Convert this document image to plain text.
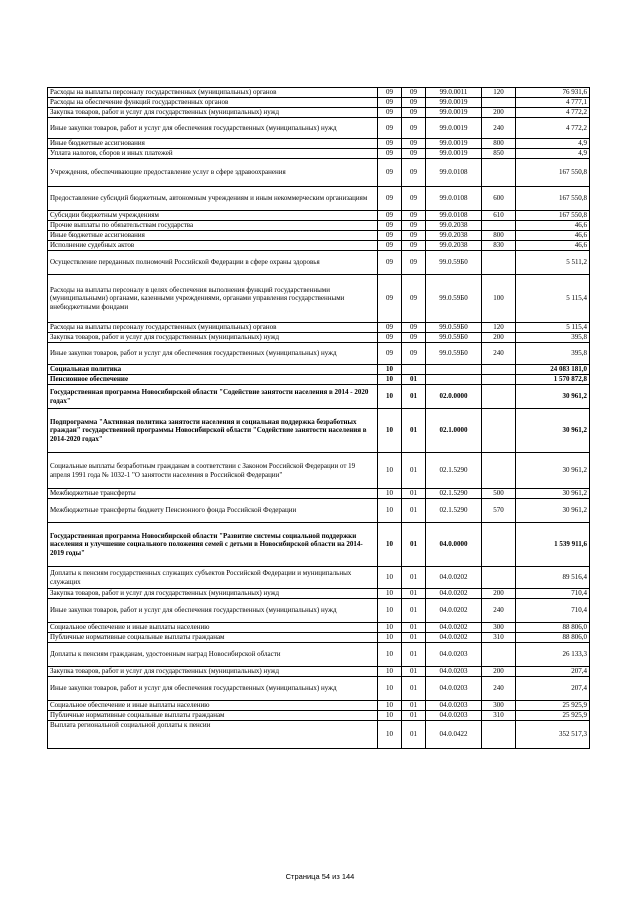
Расходы на выплаты персоналу государственных (муниципальных) органов	09	09	99.0.0011	120	76 931,6
Расходы на обеспечение функций государственных органов	09	09	99.0.0019		4 777,1
Закупка товаров, работ и услуг для государственных (муниципальных) нужд	09	09	99.0.0019	200	4 772,2
Иные закупки товаров, работ и услуг для обеспечения государственных (муниципальных) нужд	09	09	99.0.0019	240	4 772,2
Иные бюджетные ассигнования	09	09	99.0.0019	800	4,9
Уплата налогов, сборов и иных платежей	09	09	99.0.0019	850	4,9
Учреждения, обеспечивающие предоставление услуг в сфере здравоохранения	09	09	99.0.0108		167 550,8
Предоставление субсидий бюджетным, автономным учреждениям и иным некоммерческим организациям	09	09	99.0.0108	600	167 550,8
Субсидии бюджетным учреждениям	09	09	99.0.0108	610	167 550,8
Прочие выплаты по обязательствам государства	09	09	99.0.2038		46,6
Иные бюджетные ассигнования	09	09	99.0.2038	800	46,6
Исполнение судебных актов	09	09	99.0.2038	830	46,6
Осуществление переданных полномочий Российской Федерации в сфере охраны здоровья	09	09	99.0.59Б0		5 511,2
Расходы на выплаты персоналу в целях обеспечения выполнения функций государственными (муниципальными) органами, казенными учреждениями, органами управления государственными внебюджетными фондами	09	09	99.0.59Б0	100	5 115,4
Расходы на выплаты персоналу государственных (муниципальных) органов	09	09	99.0.59Б0	120	5 115,4
Закупка товаров, работ и услуг для государственных (муниципальных) нужд	09	09	99.0.59Б0	200	395,8
Иные закупки товаров, работ и услуг для обеспечения государственных (муниципальных) нужд	09	09	99.0.59Б0	240	395,8
Социальная политика	10				24 083 181,0
Пенсионное обеспечение	10	01			1 570 872,8
Государственная программа Новосибирской области "Содействие занятости населения в 2014 - 2020 годах"	10	01	02.0.0000		30 961,2
Подпрограмма "Активная политика занятости населения и социальная поддержка безработных граждан" государственной программы Новосибирской области "Содействие занятости населения в 2014-2020 годах"	10	01	02.1.0000		30 961,2
Социальные выплаты безработным гражданам в соответствии с Законом Российской Федерации от 19 апреля 1991 года № 1032-1 "О занятости населения в Российской Федерации"	10	01	02.1.5290		30 961,2
Межбюджетные трансферты	10	01	02.1.5290	500	30 961,2
Межбюджетные трансферты бюджету Пенсионного фонда Российской Федерации	10	01	02.1.5290	570	30 961,2
Государственная программа Новосибирской области "Развитие системы социальной поддержки населения и улучшение социального положения семей с детьми в Новосибирской области на 2014-2019 годы"	10	01	04.0.0000		1 539 911,6
Доплаты к пенсиям государственных служащих субъектов Российской Федерации и муниципальных служащих	10	01	04.0.0202		89 516,4
Закупка товаров, работ и услуг для государственных (муниципальных) нужд	10	01	04.0.0202	200	710,4
Иные закупки товаров, работ и услуг для обеспечения государственных (муниципальных) нужд	10	01	04.0.0202	240	710,4
Социальное обеспечение и иные выплаты населению	10	01	04.0.0202	300	88 806,0
Публичные нормативные социальные выплаты гражданам	10	01	04.0.0202	310	88 806,0
Доплаты к пенсиям гражданам, удостоенным наград Новосибирской области	10	01	04.0.0203		26 133,3
Закупка товаров, работ и услуг для государственных (муниципальных) нужд	10	01	04.0.0203	200	207,4
Иные закупки товаров, работ и услуг для обеспечения государственных (муниципальных) нужд	10	01	04.0.0203	240	207,4
Социальное обеспечение и иные выплаты населению	10	01	04.0.0203	300	25 925,9
Публичные нормативные социальные выплаты гражданам	10	01	04.0.0203	310	25 925,9
Выплата региональной социальной доплаты к пенсии	10	01	04.0.0422		352 517,3
Страница 54 из 144
